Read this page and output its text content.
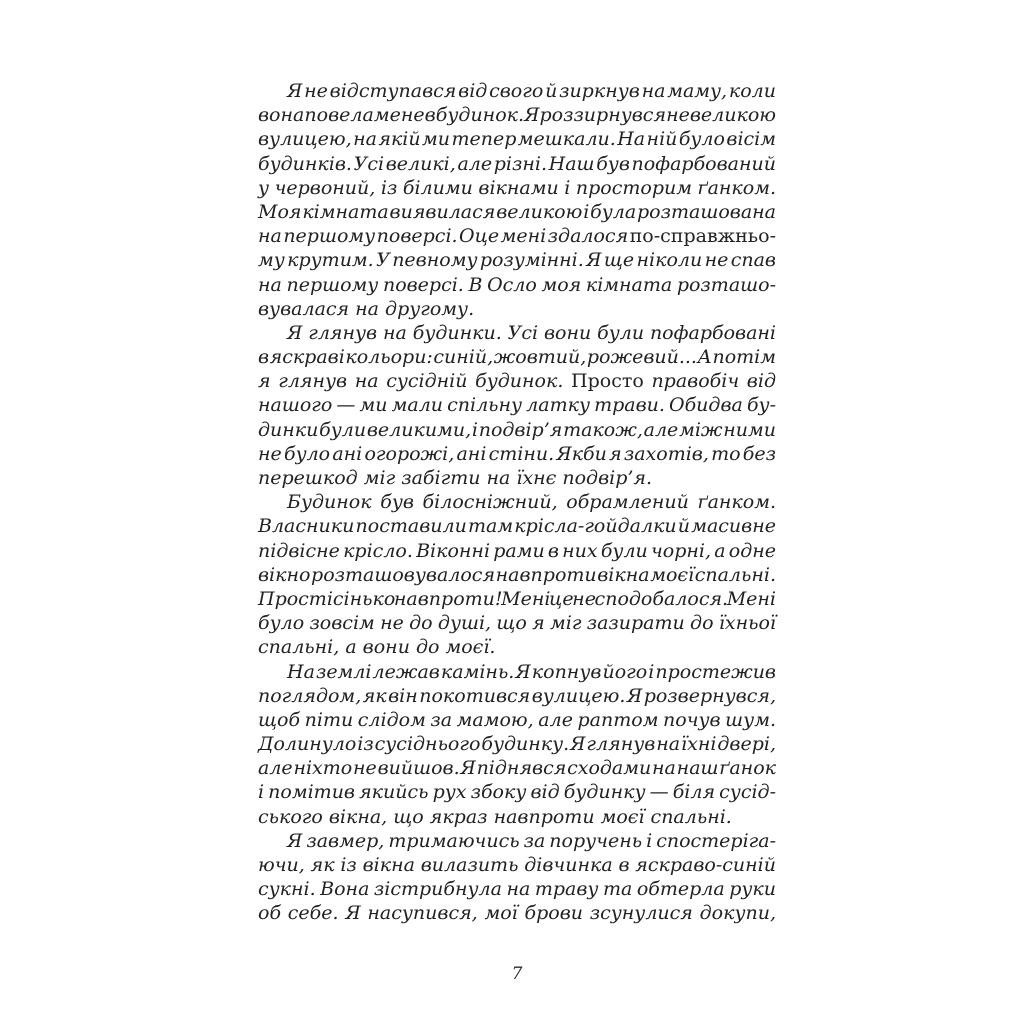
Я не відступався від свого й зиркнув на маму, коли
вона повела мене в будинок. Я роззирнувся невеликою
вулицею, на якій ми тепер мешкали. На ній було вісім
будинків. Усі великі, але різні. Наш був пофарбований
у червоний, із білими вікнами і просторим ґанком.
Моя кімната виявилася великою і була розташована
на першому поверсі. Оце мені здалося по-справжньо-
му крутим. У певному розумінні. Я ще ніколи не спав
на першому поверсі. В Осло моя кімната розташо-
вувалася на другому.
Я глянув на будинки. Усі вони були пофарбовані
в яскраві кольори: синій, жовтий, рожевий... А потім
я глянув на сусідній будинок. Просто правобіч від
нашого — ми мали спільну латку трави. Обидва бу-
динки були великими, і подвір’я також, але між ними
не було ані огорожі, ані стіни. Якби я захотів, то без
перешкод міг забігти на їхнє подвір’я.
Будинок був білосніжний, обрамлений ґанком.
Власники поставили там крісла-гойдалки й масивне
підвісне крісло. Віконні рами в них були чорні, а одне
вікно розташовувалося навпроти вікна моєї спальні.
Простісінько навпроти! Мені це не сподобалося. Мені
було зовсім не до душі, що я міг зазирати до їхньої
спальні, а вони до моєї.
На землі лежав камінь. Я копнув його і простежив
поглядом, як він покотився вулицею. Я розвернувся,
щоб піти слідом за мамою, але раптом почув шум.
Долинуло із сусіднього будинку. Я глянув на їхні двері,
але ніхто не вийшов. Я піднявся сходами на наш ґанок
і помітив якийсь рух збоку від будинку — біля сусід-
ського вікна, що якраз навпроти моєї спальні.
Я завмер, тримаючись за поручень і спостеріга-
ючи, як із вікна вилазить дівчинка в яскраво-синій
сукні. Вона зістрибнула на траву та обтерла руки
об себе. Я насупився, мої брови зсунулися докупи,
7
